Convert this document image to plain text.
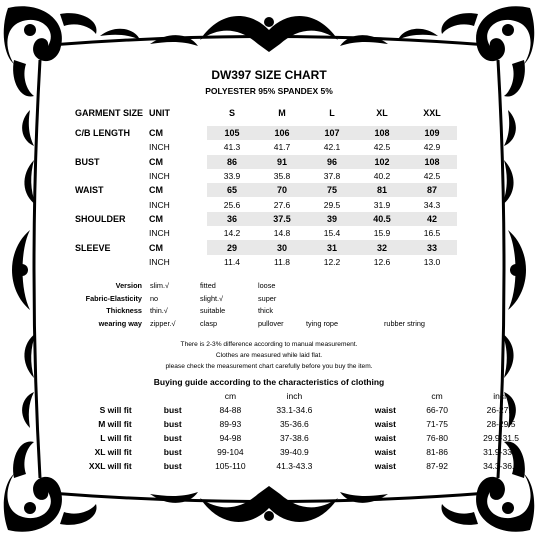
DW397 SIZE CHART
POLYESTER 95% SPANDEX 5%
GARMENT SIZE	UNIT	S	M	L	XL	XXL
C/B LENGTH	CM	105	106	107	108	109
	INCH	41.3	41.7	42.1	42.5	42.9
BUST	CM	86	91	96	102	108
	INCH	33.9	35.8	37.8	40.2	42.5
WAIST	CM	65	70	75	81	87
	INCH	25.6	27.6	29.5	31.9	34.3
SHOULDER	CM	36	37.5	39	40.5	42
	INCH	14.2	14.8	15.4	15.9	16.5
SLEEVE	CM	29	30	31	32	33
	INCH	11.4	11.8	12.2	12.6	13.0
Version slim.√	fitted	loose
Fabric-Elasticity no	slight.√	super
Thickness thin.√	suitable	thick
wearing way zipper.√	clasp	pullover	tying rope	rubber string
There is 2-3% difference according to manual measurement.
Clothes are measured while laid flat.
please check the measurement chart carefully before you buy the item.
Buying guide according to the characteristics of clothing
		cm	inch			cm	inch
S will fit	bust	84-88	33.1-34.6		waist	66-70	26-27.6
M will fit	bust	89-93	35-36.6		waist	71-75	28-29.5
L will fit	bust	94-98	37-38.6		waist	76-80	29.9-31.5
XL will fit	bust	99-104	39-40.9		waist	81-86	31.9-33.9
XXL will fit	bust	105-110	41.3-43.3		waist	87-92	34.3-36.2
